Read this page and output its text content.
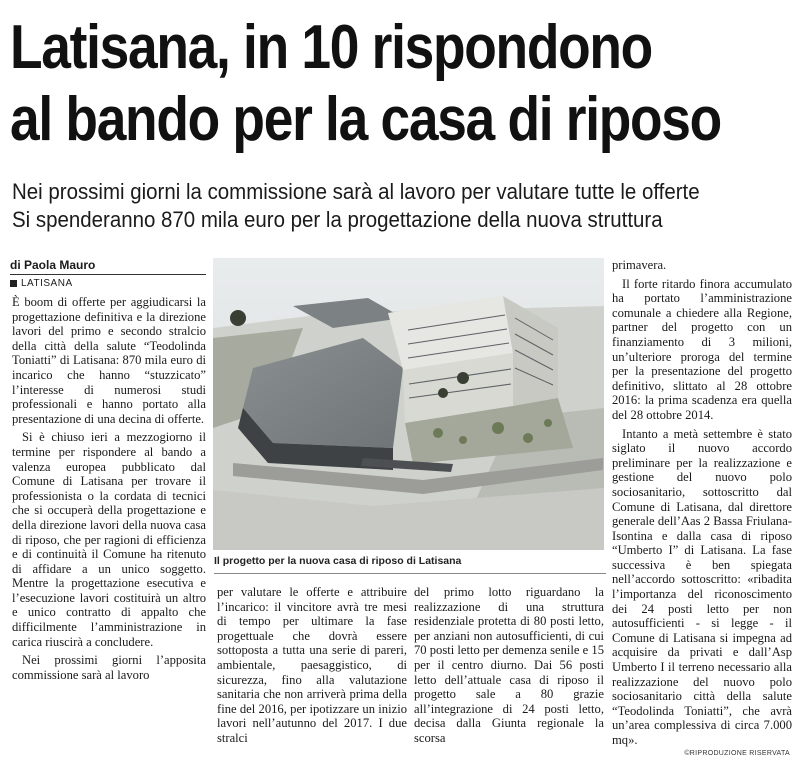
Latisana, in 10 rispondono
al bando per la casa di riposo
Nei prossimi giorni la commissione sarà al lavoro per valutare tutte le offerte
Si spenderanno 870 mila euro per la progettazione della nuova struttura
di Paola Mauro
LATISANA

È boom di offerte per aggiudicarsi la progettazione definitiva e la direzione lavori del primo e secondo stralcio della città della salute “Teodolinda Toniatti” di Latisana: 870 mila euro di incarico che hanno “stuzzicato” l’interesse di numerosi studi professionali e hanno portato alla presentazione di una decina di offerte.

Si è chiuso ieri a mezzogiorno il termine per rispondere al bando a valenza europea pubblicato dal Comune di Latisana per trovare il professionista o la cordata di tecnici che si occuperà della progettazione e della direzione lavori della nuova casa di riposo, che per ragioni di efficienza e di continuità il Comune ha ritenuto di affidare a un unico soggetto. Mentre la progettazione esecutiva e l’esecuzione lavori costituirà un altro e unico contratto di appalto che difficilmente l’amministrazione in carica riuscirà a concludere.

Nei prossimi giorni l’apposita commissione sarà al lavoro

Il progetto per la nuova casa di riposo di Latisana

per valutare le offerte e attribuire l’incarico: il vincitore avrà tre mesi di tempo per ultimare la fase progettuale che dovrà essere sottoposta a tutta una serie di pareri, ambientale, paesaggistico, di sicurezza, fino alla valutazione sanitaria che non arriverà prima della fine del 2016, per ipotizzare un inizio lavori nell’autunno del 2017. I due stralci

del primo lotto riguardano la realizzazione di una struttura residenziale protetta di 80 posti letto, per anziani non autosufficienti, di cui 70 posti letto per demenza senile e 15 per il centro diurno. Dai 56 posti letto dell’attuale casa di riposo il progetto sale a 80 grazie all’integrazione di 24 posti letto, decisa dalla Giunta regionale la scorsa

primavera.

Il forte ritardo finora accumulato ha portato l’amministrazione comunale a chiedere alla Regione, partner del progetto con un finanziamento di 3 milioni, un’ulteriore proroga del termine per la presentazione del progetto definitivo, slittato al 28 ottobre 2016: la prima scadenza era quella del 28 ottobre 2014.

Intanto a metà settembre è stato siglato il nuovo accordo preliminare per la realizzazione e gestione del nuovo polo sociosanitario, sottoscritto dal Comune di Latisana, dal direttore generale dell’Aas 2 Bassa Friulana-Isontina e dalla casa di riposo “Umberto I” di Latisana. La fase successiva è ben spiegata nell’accordo sottoscritto: «ribadita l’importanza del riconoscimento dei 24 posti letto per non autosufficienti - si legge - il Comune di Latisana si impegna ad acquisire da privati e dall’Asp Umberto I il terreno necessario alla realizzazione del nuovo polo sociosanitario città della salute “Teodolinda Toniatti”, che avrà un’area complessiva di circa 7.000 mq».

©RIPRODUZIONE RISERVATA
